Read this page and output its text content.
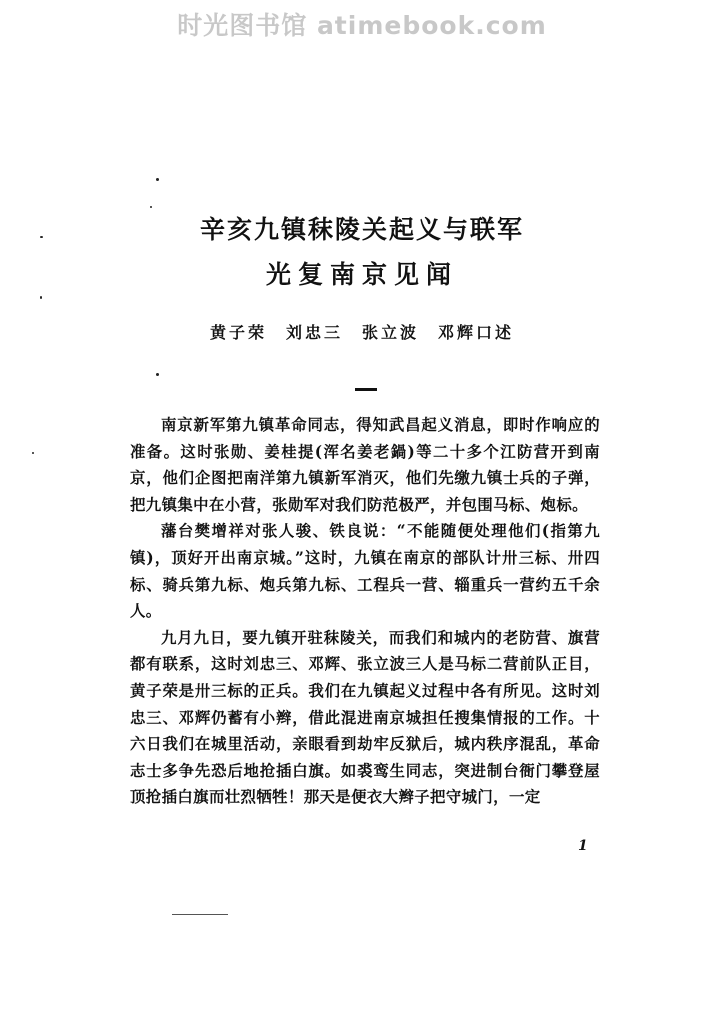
时光图书馆 atimebook.com
辛亥九镇秣陵关起义与联军
光复南京见闻
黄子荣　刘忠三　张立波　邓辉口述

南京新军第九镇革命同志，得知武昌起义消息，即时作响应的准备。这时张勋、姜桂提(浑名姜老鍋)等二十多个江防营开到南京，他们企图把南洋第九镇新军消灭，他们先缴九镇士兵的子弹，把九镇集中在小营，张勋军对我们防范极严，并包围马标、炮标。

藩台樊增祥对张人骏、铁良说：“不能随便处理他们(指第九镇)，顶好开出南京城。”这时，九镇在南京的部队计卅三标、卅四标、骑兵第九标、炮兵第九标、工程兵一营、辎重兵一营约五千余人。

九月九日，要九镇开驻秣陵关，而我们和城内的老防营、旗营都有联系，这时刘忠三、邓辉、张立波三人是马标二营前队正目，黄子荣是卅三标的正兵。我们在九镇起义过程中各有所见。这时刘忠三、邓辉仍蓄有小辫，借此混进南京城担任搜集情报的工作。十六日我们在城里活动，亲眼看到劫牢反狱后，城内秩序混乱，革命志士多争先恐后地抢插白旗。如裘鸾生同志，突进制台衙门攀登屋顶抢插白旗而壮烈牺牲！那天是便衣大辫子把守城门，一定

1
